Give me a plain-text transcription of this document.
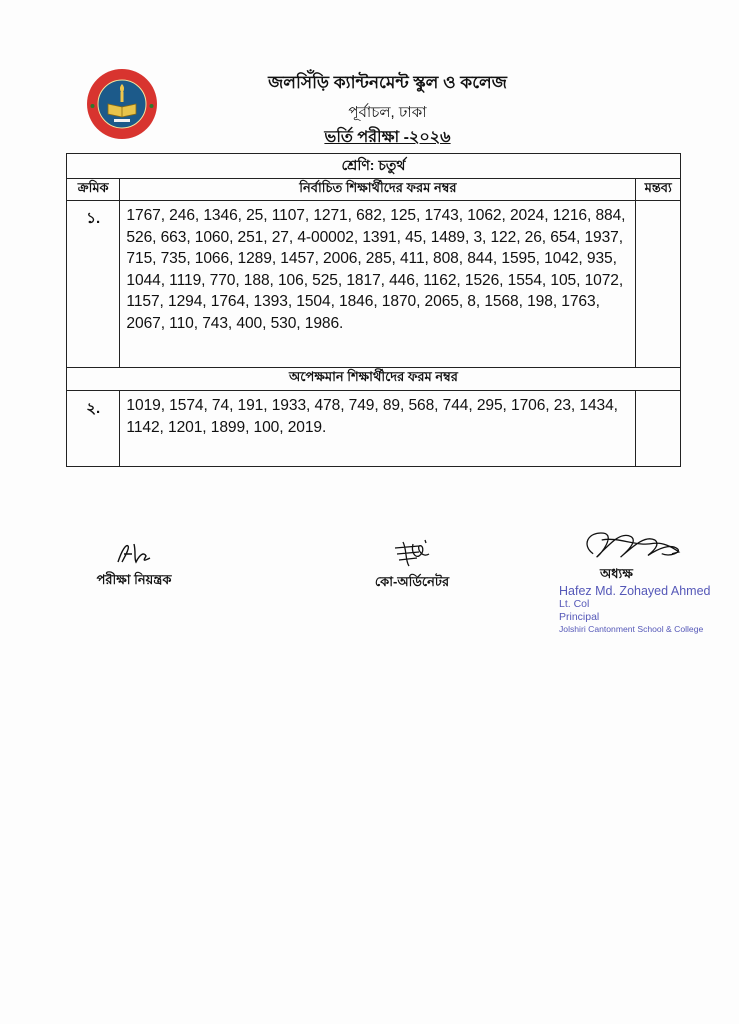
জলসিঁড়ি ক্যান্টনমেন্ট স্কুল ও কলেজ
পূর্বাচল, ঢাকা
ভর্তি পরীক্ষা -২০২৬
শ্রেণি: চতুর্থ		
ক্রমিক	নির্বাচিত শিক্ষার্থীদের ফরম নম্বর	মন্তব্য
১.	1767, 246, 1346, 25, 1107, 1271, 682, 125, 1743, 1062, 2024, 1216, 884, 526, 663, 1060, 251, 27, 4-00002, 1391, 45, 1489, 3, 122, 26, 654, 1937, 715, 735, 1066, 1289, 1457, 2006, 285, 411, 808, 844, 1595, 1042, 935, 1044, 1119, 770, 188, 106, 525, 1817, 446, 1162, 1526, 1554, 105, 1072, 1157, 1294, 1764, 1393, 1504, 1846, 1870, 2065, 8, 1568, 198, 1763, 2067, 110, 743, 400, 530, 1986.	
অপেক্ষমান শিক্ষার্থীদের ফরম নম্বর		
২.	1019, 1574, 74, 191, 1933, 478, 749, 89, 568, 744, 295, 1706, 23, 1434, 1142, 1201, 1899, 100, 2019.	
পরীক্ষা নিয়ন্ত্রক	কো-অর্ডিনেটর
অধ্যক্ষ
Hafez Md. Zohayed Ahmed
Lt. Col
Principal
Jolshiri Cantonment School & College
